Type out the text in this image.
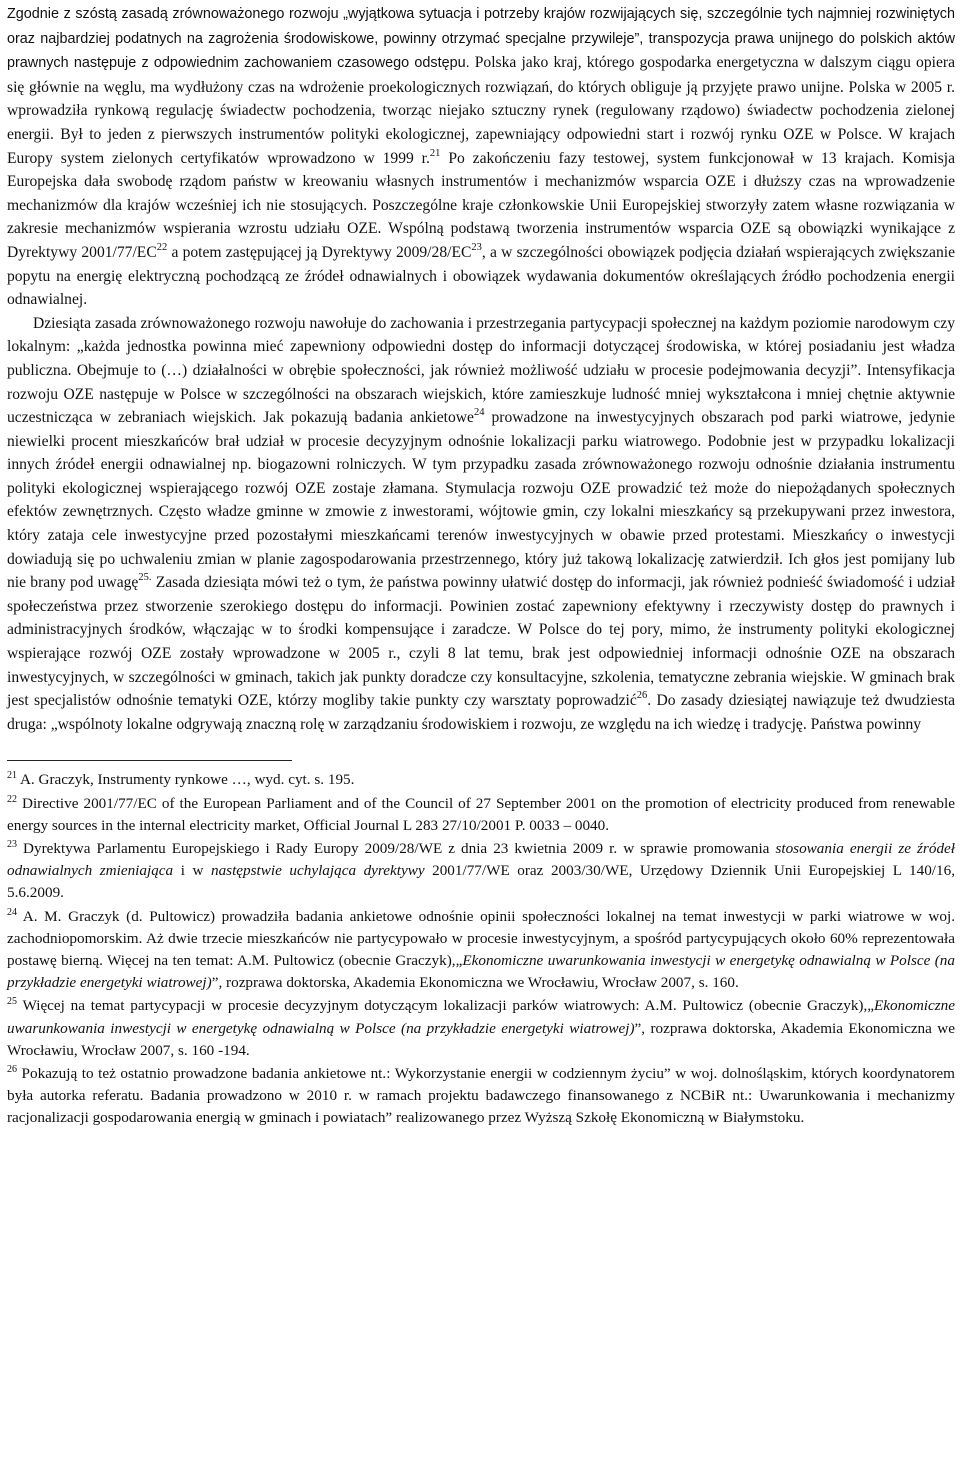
Zgodnie z szóstą zasadą zrównoważonego rozwoju „wyjątkowa sytuacja i potrzeby krajów rozwijających się, szczególnie tych najmniej rozwiniętych oraz najbardziej podatnych na zagrożenia środowiskowe, powinny otrzymać specjalne przywileje”, transpozycja prawa unijnego do polskich aktów prawnych następuje z odpowiednim zachowaniem czasowego odstępu. Polska jako kraj, którego gospodarka energetyczna w dalszym ciągu opiera się głównie na węglu, ma wydłużony czas na wdrożenie proekologicznych rozwiązań, do których obliguje ją przyjęte prawo unijne. Polska w 2005 r. wprowadziła rynkową regulację świadectw pochodzenia, tworząc niejako sztuczny rynek (regulowany rządowo) świadectw pochodzenia zielonej energii. Był to jeden z pierwszych instrumentów polityki ekologicznej, zapewniający odpowiedni start i rozwój rynku OZE w Polsce. W krajach Europy system zielonych certyfikatów wprowadzono w 1999 r.$^{21}$ Po zakończeniu fazy testowej, system funkcjonował w 13 krajach. Komisja Europejska dała swobodę rządom państw w kreowaniu własnych instrumentów i mechanizmów wsparcia OZE i dłuższy czas na wprowadzenie mechanizmów dla krajów wcześniej ich nie stosujących. Poszczególne kraje członkowskie Unii Europejskiej stworzyły zatem własne rozwiązania w zakresie mechanizmów wspierania wzrostu udziału OZE. Wspólną podstawą tworzenia instrumentów wsparcia OZE są obowiązki wynikające z Dyrektywy 2001/77/EC$^{22}$ a potem zastępującej ją Dyrektywy 2009/28/EC$^{23}$, a w szczególności obowiązek podjęcia działań wspierających zwiększanie popytu na energię elektryczną pochodzącą ze źródeł odnawialnych i obowiązek wydawania dokumentów określających źródło pochodzenia energii odnawialnej.

Dziesiąta zasada zrównoważonego rozwoju nawołuje do zachowania i przestrzegania partycypacji społecznej na każdym poziomie narodowym czy lokalnym: „każda jednostka powinna mieć zapewniony odpowiedni dostęp do informacji dotyczącej środowiska, w której posiadaniu jest władza publiczna. Obejmuje to (…) działalności w obrębie społeczności, jak również możliwość udziału w procesie podejmowania decyzji”. Intensyfikacja rozwoju OZE następuje w Polsce w szczególności na obszarach wiejskich, które zamieszkuje ludność mniej wykształcona i mniej chętnie aktywnie uczestnicząca w zebraniach wiejskich. Jak pokazują badania ankietowe$^{24}$ prowadzone na inwestycyjnych obszarach pod parki wiatrowe, jedynie niewielki procent mieszkańców brał udział w procesie decyzyjnym odnośnie lokalizacji parku wiatrowego. Podobnie jest w przypadku lokalizacji innych źródeł energii odnawialnej np. biogazowni rolniczych. W tym przypadku zasada zrównoważonego rozwoju odnośnie działania instrumentu polityki ekologicznej wspierającego rozwój OZE zostaje złamana. Stymulacja rozwoju OZE prowadzić też może do niepożądanych społecznych efektów zewnętrznych. Często władze gminne w zmowie z inwestorami, wójtowie gmin, czy lokalni mieszkańcy są przekupywani przez inwestora, który zataja cele inwestycyjne przed pozostałymi mieszkańcami terenów inwestycyjnych w obawie przed protestami. Mieszkańcy o inwestycji dowiadują się po uchwaleniu zmian w planie zagospodarowania przestrzennego, który już takową lokalizację zatwierdził. Ich głos jest pomijany lub nie brany pod uwagę$^{25.}$ Zasada dziesiąta mówi też o tym, że państwa powinny ułatwić dostęp do informacji, jak również podnieść świadomość i udział społeczeństwa przez stworzenie szerokiego dostępu do informacji. Powinien zostać zapewniony efektywny i rzeczywisty dostęp do prawnych i administracyjnych środków, włączając w to środki kompensujące i zaradcze. W Polsce do tej pory, mimo, że instrumenty polityki ekologicznej wspierające rozwój OZE zostały wprowadzone w 2005 r., czyli 8 lat temu, brak jest odpowiedniej informacji odnośnie OZE na obszarach inwestycyjnych, w szczególności w gminach, takich jak punkty doradcze czy konsultacyjne, szkolenia, tematyczne zebrania wiejskie. W gminach brak jest specjalistów odnośnie tematyki OZE, którzy mogliby takie punkty czy warsztaty poprowadzić$^{26}$. Do zasady dziesiątej nawiązuje też dwudziesta druga: „wspólnoty lokalne odgrywają znaczną rolę w zarządzaniu środowiskiem i rozwoju, ze względu na ich wiedzę i tradycję. Państwa powinny

$^{21}$ A. Graczyk, Instrumenty rynkowe …, wyd. cyt. s. 195.

$^{22}$ Directive 2001/77/EC of the European Parliament and of the Council of 27 September 2001 on the promotion of electricity produced from renewable energy sources in the internal electricity market, Official Journal L 283 27/10/2001 P. 0033 – 0040.

$^{23}$ Dyrektywa Parlamentu Europejskiego i Rady Europy 2009/28/WE z dnia 23 kwietnia 2009 r. w sprawie promowania stosowania energii ze źródeł odnawialnych zmieniająca i w następstwie uchylająca dyrektywy 2001/77/WE oraz 2003/30/WE, Urzędowy Dziennik Unii Europejskiej L 140/16, 5.6.2009.

$^{24}$ A. M. Graczyk (d. Pultowicz) prowadziła badania ankietowe odnośnie opinii społeczności lokalnej na temat inwestycji w parki wiatrowe w woj. zachodniopomorskim. Aż dwie trzecie mieszkańców nie partycypowało w procesie inwestycyjnym, a spośród partycypujących około 60% reprezentowała postawę bierną. Więcej na ten temat: A.M. Pultowicz (obecnie Graczyk),„Ekonomiczne uwarunkowania inwestycji w energetykę odnawialną w Polsce (na przykładzie energetyki wiatrowej)”, rozprawa doktorska, Akademia Ekonomiczna we Wrocławiu, Wrocław 2007, s. 160.

$^{25}$ Więcej na temat partycypacji w procesie decyzyjnym dotyczącym lokalizacji parków wiatrowych: A.M. Pultowicz (obecnie Graczyk),„Ekonomiczne uwarunkowania inwestycji w energetykę odnawialną w Polsce (na przykładzie energetyki wiatrowej)”, rozprawa doktorska, Akademia Ekonomiczna we Wrocławiu, Wrocław 2007, s. 160 -194.

$^{26}$ Pokazują to też ostatnio prowadzone badania ankietowe nt.: Wykorzystanie energii w codziennym życiu” w woj. dolnośląskim, których koordynatorem była autorka referatu. Badania prowadzono w 2010 r. w ramach projektu badawczego finansowanego z NCBiR nt.: Uwarunkowania i mechanizmy racjonalizacji gospodarowania energią w gminach i powiatach” realizowanego przez Wyższą Szkołę Ekonomiczną w Białymstoku.
